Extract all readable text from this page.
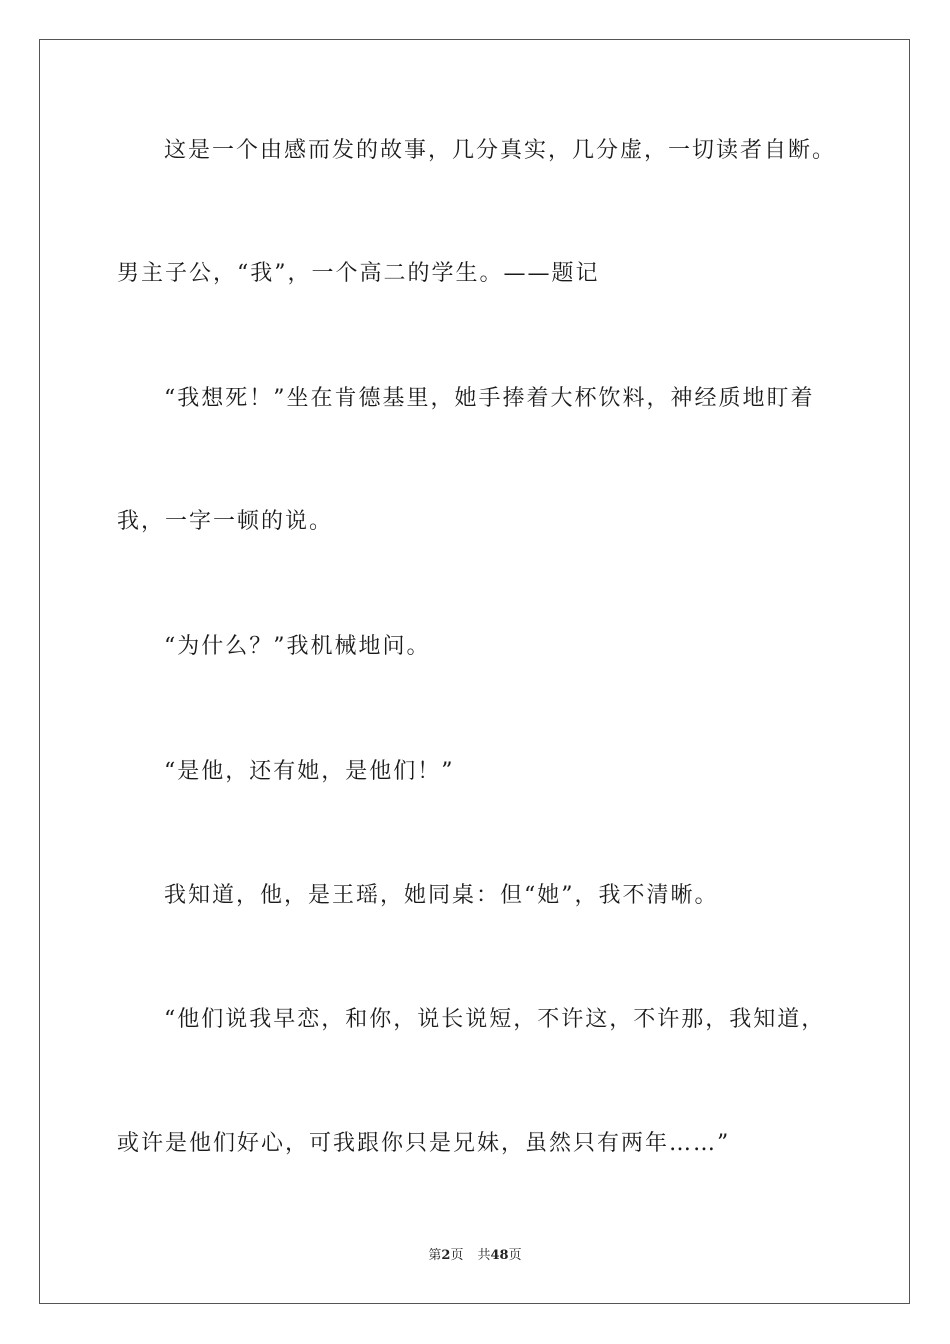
这是一个由感而发的故事，几分真实，几分虚，一切读者自断。
男主子公，“我”，一个高二的学生。——题记
“我想死！”坐在肯德基里，她手捧着大杯饮料，神经质地盯着
我，一字一顿的说。
“为什么？”我机械地问。
“是他，还有她，是他们！”
我知道，他，是王瑶，她同桌：但“她”，我不清晰。
“他们说我早恋，和你，说长说短，不许这，不许那，我知道，
或许是他们好心，可我跟你只是兄妹，虽然只有两年……”
第2页 共48页
